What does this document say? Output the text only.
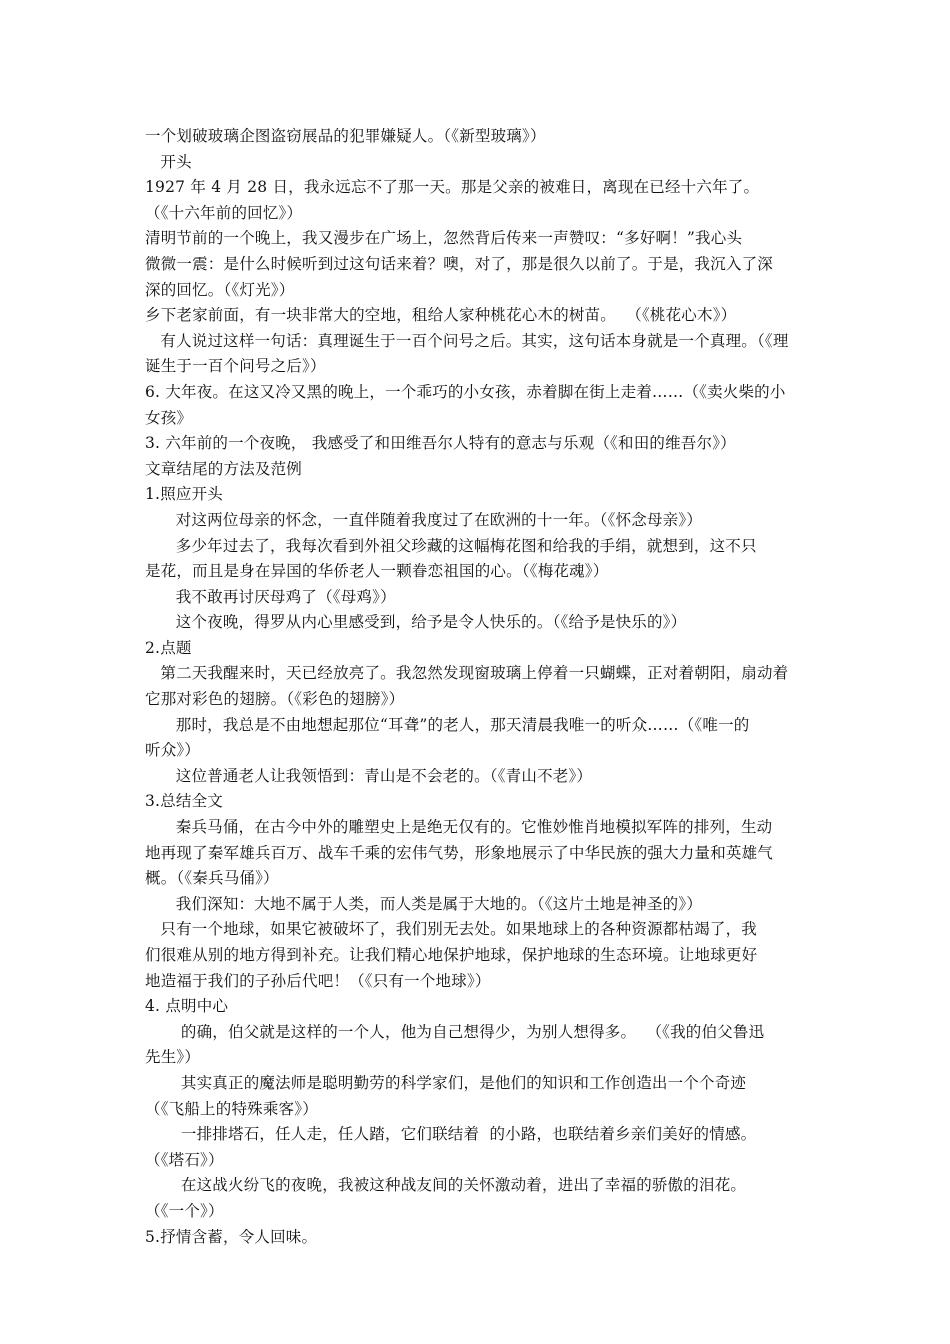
一个划破玻璃企图盗窃展品的犯罪嫌疑人。（《新型玻璃》）
开头
1927 年 4 月 28 日，我永远忘不了那一天。那是父亲的被难日，离现在已经十六年了。
（《十六年前的回忆》）
清明节前的一个晚上，我又漫步在广场上，忽然背后传来一声赞叹：“多好啊！”我心头
微微一震：是什么时候听到过这句话来着？噢，对了，那是很久以前了。于是，我沉入了深
深的回忆。（《灯光》）
乡下老家前面，有一块非常大的空地，租给人家种桃花心木的树苗。  （《桃花心木》）
有人说过这样一句话：真理诞生于一百个问号之后。其实，这句话本身就是一个真理。（《理
诞生于一百个问号之后》）
6. 大年夜。在这又冷又黑的晚上，一个乖巧的小女孩，赤着脚在街上走着……（《卖火柴的小
女孩》
3. 六年前的一个夜晚， 我感受了和田维吾尔人特有的意志与乐观（《和田的维吾尔》）
文章结尾的方法及范例
1.照应开头
对这两位母亲的怀念，一直伴随着我度过了在欧洲的十一年。（《怀念母亲》）
多少年过去了，我每次看到外祖父珍藏的这幅梅花图和给我的手绢，就想到，这不只
是花，而且是身在异国的华侨老人一颗眷恋祖国的心。（《梅花魂》）
我不敢再讨厌母鸡了（《母鸡》）
这个夜晚，得罗从内心里感受到，给予是令人快乐的。（《给予是快乐的》）
2.点题
第二天我醒来时，天已经放亮了。我忽然发现窗玻璃上停着一只蝴蝶，正对着朝阳，扇动着
它那对彩色的翅膀。（《彩色的翅膀》）
那时，我总是不由地想起那位“耳聋”的老人，那天清晨我唯一的听众……（《唯一的
听众》）
这位普通老人让我领悟到：青山是不会老的。（《青山不老》）
3.总结全文
秦兵马俑，在古今中外的雕塑史上是绝无仅有的。它惟妙惟肖地模拟军阵的排列，生动
地再现了秦军雄兵百万、战车千乘的宏伟气势，形象地展示了中华民族的强大力量和英雄气
概。（《秦兵马俑》）
我们深知：大地不属于人类，而人类是属于大地的。（《这片土地是神圣的》）
只有一个地球，如果它被破坏了，我们别无去处。如果地球上的各种资源都枯竭了，我
们很难从别的地方得到补充。让我们精心地保护地球，保护地球的生态环境。让地球更好
地造福于我们的子孙后代吧！（《只有一个地球》）
4. 点明中心
的确，伯父就是这样的一个人，他为自己想得少，为别人想得多。  （《我的伯父鲁迅
先生》）
其实真正的魔法师是聪明勤劳的科学家们，是他们的知识和工作创造出一个个奇迹
（《飞船上的特殊乘客》）
一排排塔石，任人走，任人踏，它们联结着  的小路，也联结着乡亲们美好的情感。
（《塔石》）
在这战火纷飞的夜晚，我被这种战友间的关怀激动着，进出了幸福的骄傲的泪花。
（《一个》）
5.抒情含蓄，令人回味。
